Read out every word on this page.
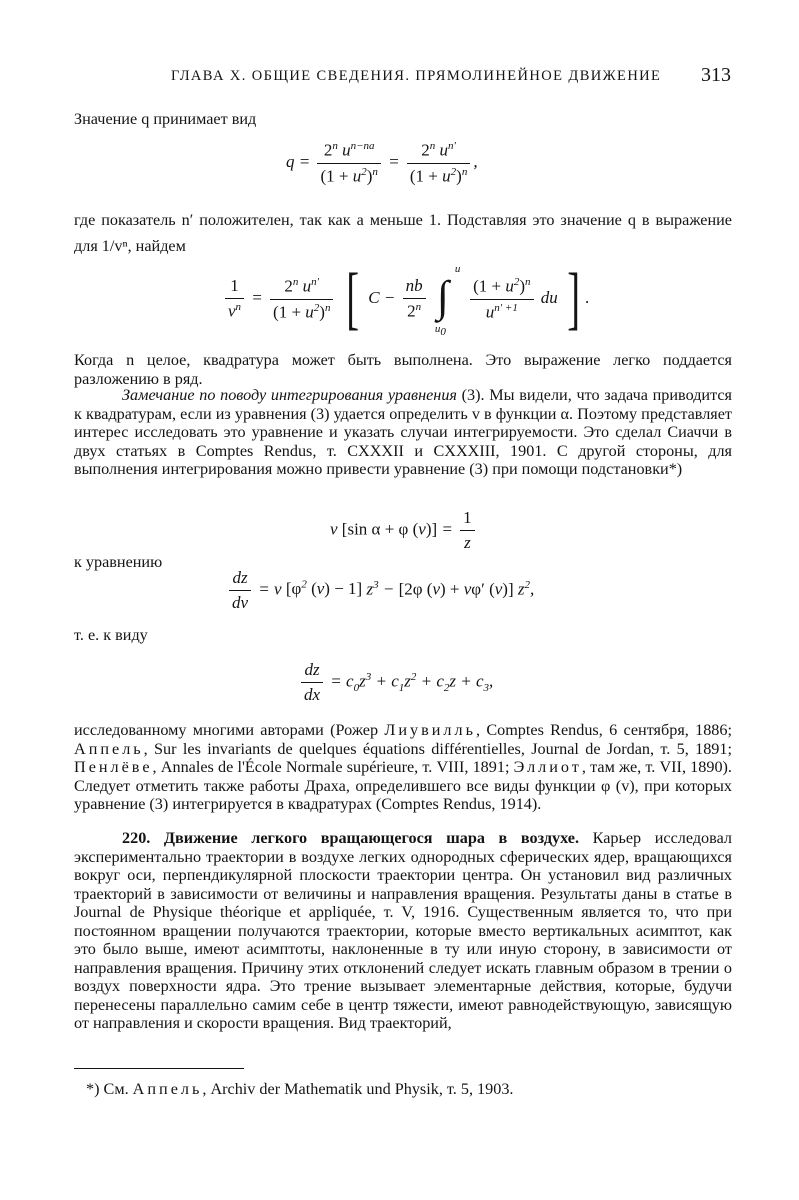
ГЛАВА X. ОБЩИЕ СВЕДЕНИЯ. ПРЯМОЛИНЕЙНОЕ ДВИЖЕНИЕ 313
Значение q принимает вид
$q = \frac{2^n u^{n-na}}{(1 + u^2)^n} = \frac{2^n u^{n'}}{(1 + u^2)^n}$ ,

где показатель n′ положителен, так как a меньше 1. Подставляя это значение q в выражение для 1/vⁿ, найдем

$\frac{1}{v^n} = \frac{2^n u^{n'}}{(1 + u^2)^n}$ [ $C - \frac{nb}{2^n}$
∫
u
$u_0$

$\frac{(1 + u^2)^n}{u^{n' +1}}$ du ] .

Когда n целое, квадратура может быть выполнена. Это выражение легко поддается разложению в ряд.

Замечание по поводу интегрирования уравнения (3). Мы видели, что задача приводится к квадратурам, если из уравнения (3) удается определить v в функции α. Поэтому представляет интерес исследовать это уравнение и указать случаи интегрируемости. Это сделал Сиаччи в двух статьях в Comptes Rendus, т. CXXXII и CXXXIII, 1901. С другой стороны, для выполнения интегрирования можно привести уравнение (3) при помощи подстановки*)

v [sin α + φ $(v)] = \frac{1}{z}$
к уравнению
$\frac{dz}{dv} = v$ [$\varphi^2$ (v) − 1] $z^3 - [2\varphi$ (v) + vφ′ (v)] $z^2$,
т. е. к виду
$\frac{dz}{dx} = c_0z^3 + c_1z^2 + c_2z + c_3$,

исследованному многими авторами (Рожер Лиувилль, Comptes Rendus, 6 сентября, 1886; Аппель, Sur les invariants de quelques équations différentielles, Journal de Jordan, т. 5, 1891; Пенлёве, Annales de l'École Normale supérieure, т. VIII, 1891; Эллиот, там же, т. VII, 1890). Следует отметить также работы Драха, определившего все виды функции φ (v), при которых уравнение (3) интегрируется в квадратурах (Comptes Rendus, 1914).

220. Движение легкого вращающегося шара в воздухе. Карьер исследовал экспериментально траектории в воздухе легких однородных сферических ядер, вращающихся вокруг оси, перпендикулярной плоскости траектории центра. Он установил вид различных траекторий в зависимости от величины и направления вращения. Результаты даны в статье в Journal de Physique théorique et appliquée, т. V, 1916. Существенным является то, что при постоянном вращении получаются траектории, которые вместо вертикальных асимптот, как это было выше, имеют асимптоты, наклоненные в ту или иную сторону, в зависимости от направления вращения. Причину этих отклонений следует искать главным образом в трении о воздух поверхности ядра. Это трение вызывает элементарные действия, которые, будучи перенесены параллельно самим себе в центр тяжести, имеют равнодействующую, зависящую от направления и скорости вращения. Вид траекторий,

*) См. Аппель, Archiv der Mathematik und Physik, т. 5, 1903.
